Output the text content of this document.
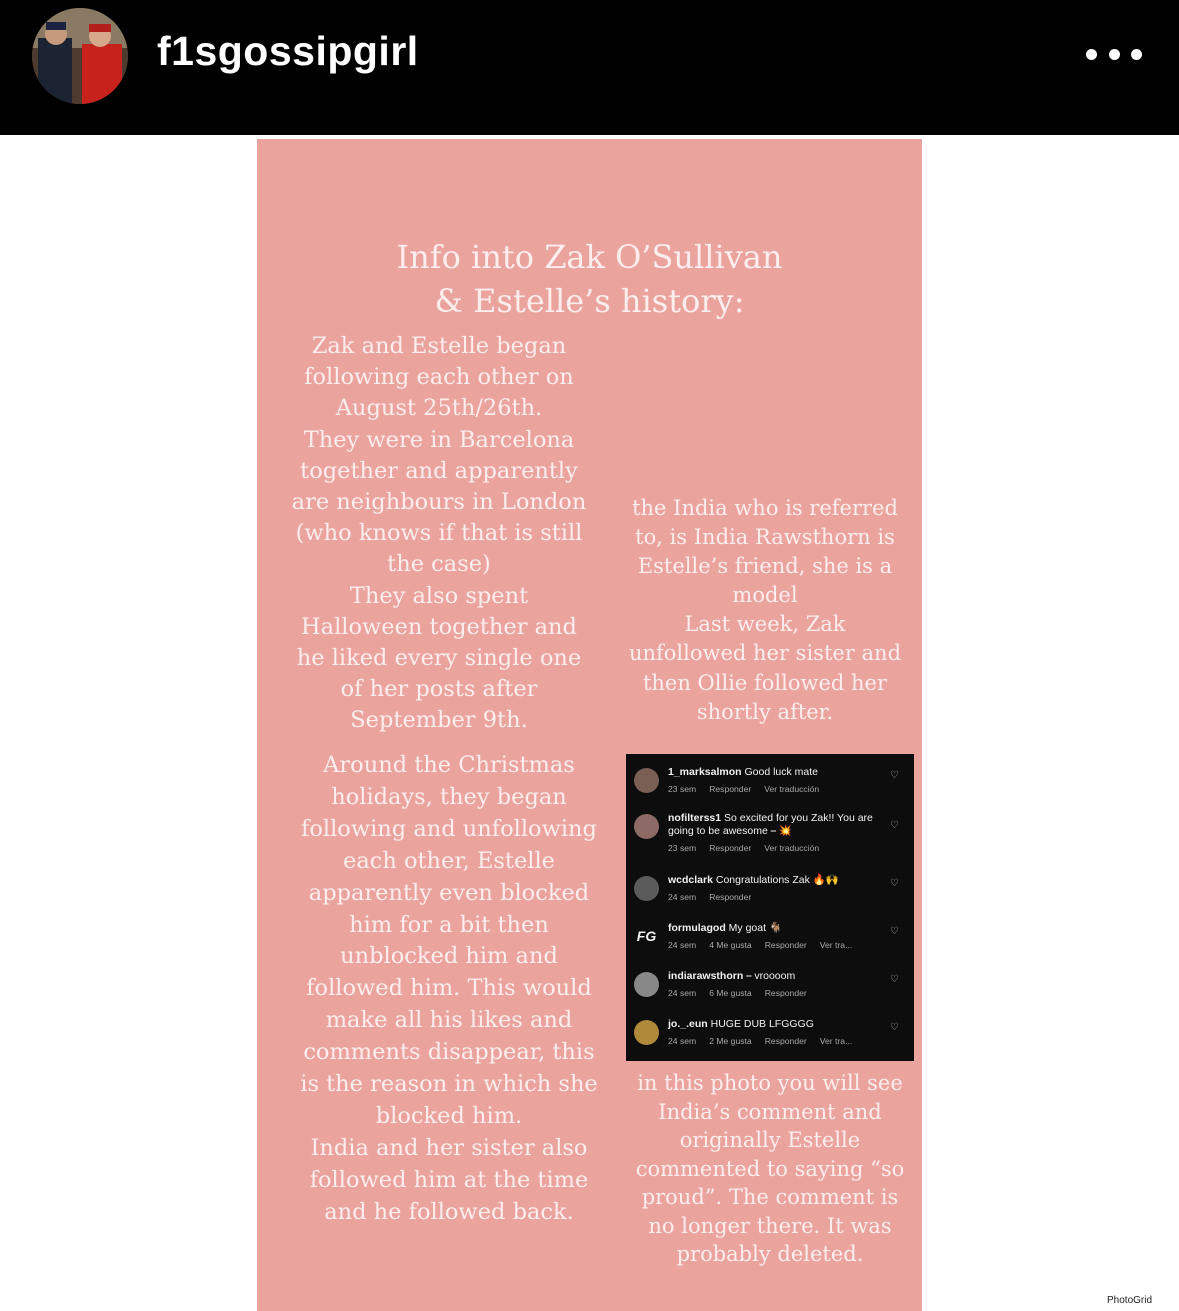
f1sgossipgirl
Info into Zak O’Sullivan
& Estelle’s history:
Zak and Estelle began
following each other on
August 25th/26th.
They were in Barcelona
together and apparently
are neighbours in London
(who knows if that is still
the case)
They also spent
Halloween together and
he liked every single one
of her posts after
September 9th.
Around the Christmas
holidays, they began
following and unfollowing
each other, Estelle
apparently even blocked
him for a bit then
unblocked him and
followed him. This would
make all his likes and
comments disappear, this
is the reason in which she
blocked him.
India and her sister also
followed him at the time
and he followed back.
the India who is referred
to, is India Rawsthorn is
Estelle’s friend, she is a
model
Last week, Zak
unfollowed her sister and
then Ollie followed her
shortly after.
1_marksalmon Good luck mate
23 sem Responder Ver traducción
♡
nofilterss1 So excited for you Zak!! You are going to be awesome ⎯ 💥
23 sem Responder Ver traducción
♡
wcdclark Congratulations Zak 🔥🙌
24 sem Responder
♡
FG formulagod My goat 🐐
24 sem 4 Me gusta Responder Ver tra...
♡
indiarawsthorn ⎯ vroooom
24 sem 6 Me gusta Responder
♡
jo._.eun HUGE DUB LFGGGG
24 sem 2 Me gusta Responder Ver tra...
♡
in this photo you will see
India’s comment and
originally Estelle
commented to saying “so
proud”. The comment is
no longer there. It was
probably deleted.
PhotoGrid
